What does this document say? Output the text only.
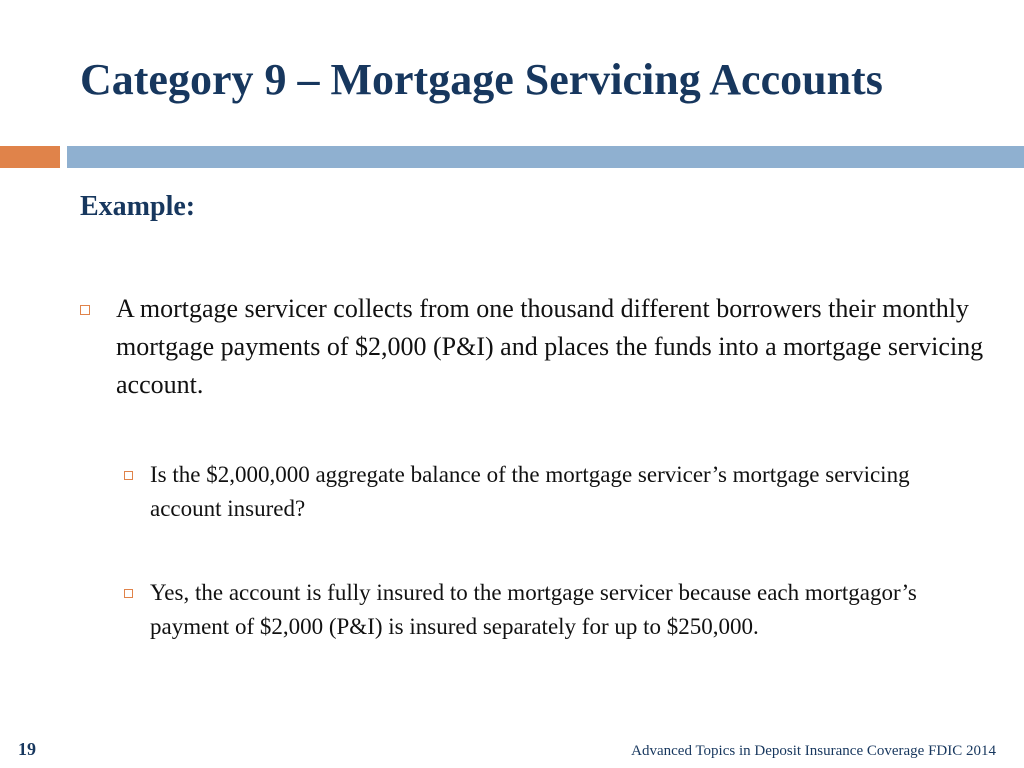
Category 9 – Mortgage Servicing Accounts
Example:
A mortgage servicer collects from one thousand different borrowers their monthly mortgage payments of $2,000 (P&I) and places the funds into a mortgage servicing account.
Is the $2,000,000 aggregate balance of the mortgage servicer’s mortgage servicing account insured?
Yes, the account is fully insured to the mortgage servicer because each mortgagor’s payment of $2,000 (P&I) is insured separately for up to $250,000.
19	Advanced Topics in Deposit Insurance Coverage FDIC 2014
